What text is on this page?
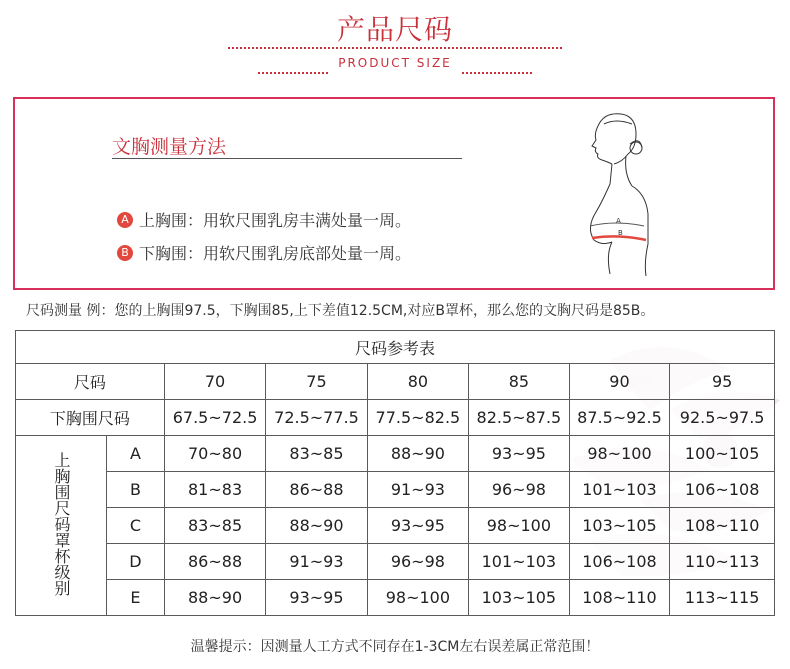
产品尺码
PRODUCT SIZE
文胸测量方法
A 上胸围：用软尺围乳房丰满处量一周。
B 下胸围：用软尺围乳房底部处量一周。
A
B
尺码测量 例：您的上胸围97.5，下胸围85,上下差值12.5CM,对应B罩杯，那么您的文胸尺码是85B。
尺码参考表							
尺码		70	75	80	85	90	95
下胸围尺码		67.5~72.5	72.5~77.5	77.5~82.5	82.5~87.5	87.5~92.5	92.5~97.5
上胸围尺码罩杯级别	A	70~80	83~85	88~90	93~95	98~100	100~105
	B	81~83	86~88	91~93	96~98	101~103	106~108
	C	83~85	88~90	93~95	98~100	103~105	108~110
	D	86~88	91~93	96~98	101~103	106~108	110~113
	E	88~90	93~95	98~100	103~105	108~110	113~115
温馨提示：因测量人工方式不同存在1-3CM左右误差属正常范围！
